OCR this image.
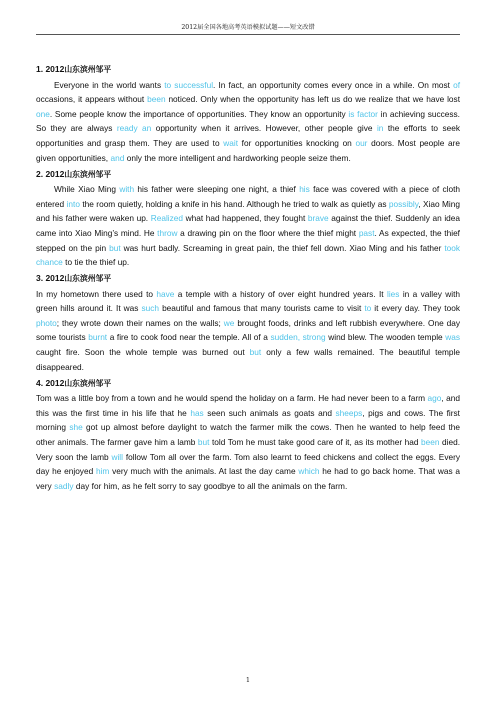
2012届全国各地高考英语模拟试题——短文改错

1. 2012山东滨州邹平

Everyone in the world wants to successful. In fact, an opportunity comes every once in a while. On most of occasions, it appears without been noticed. Only when the opportunity has left us do we realize that we have lost one. Some people know the importance of opportunities. They know an opportunity is factor in achieving success. So they are always ready an opportunity when it arrives. However, other people give in the efforts to seek opportunities and grasp them. They are used to wait for opportunities knocking on our doors. Most people are given opportunities, and only the more intelligent and hardworking people seize them.

2. 2012山东滨州邹平

While Xiao Ming with his father were sleeping one night, a thief his face was covered with a piece of cloth entered into the room quietly, holding a knife in his hand. Although he tried to walk as quietly as possibly, Xiao Ming and his father were waken up. Realized what had happened, they fought brave against the thief. Suddenly an idea came into Xiao Ming’s mind. He throw a drawing pin on the floor where the thief might past. As expected, the thief stepped on the pin but was hurt badly. Screaming in great pain, the thief fell down. Xiao Ming and his father took chance to tie the thief up.

3. 2012山东滨州邹平

In my hometown there used to have a temple with a history of over eight hundred years. It lies in a valley with green hills around it. It was such beautiful and famous that many tourists came to visit to it every day. They took photo; they wrote down their names on the walls; we brought foods, drinks and left rubbish everywhere. One day some tourists burnt a fire to cook food near the temple. All of a sudden, strong wind blew. The wooden temple was caught fire. Soon the whole temple was burned out but only a few walls remained. The beautiful temple disappeared.

4. 2012山东滨州邹平

Tom was a little boy from a town and he would spend the holiday on a farm. He had never been to a farm ago, and this was the first time in his life that he has seen such animals as goats and sheeps, pigs and cows. The first morning she got up almost before daylight to watch the farmer milk the cows. Then he wanted to help feed the other animals. The farmer gave him a lamb but told Tom he must take good care of it, as its mother had been died. Very soon the lamb will follow Tom all over the farm. Tom also learnt to feed chickens and collect the eggs. Every day he enjoyed him very much with the animals. At last the day came which he had to go back home. That was a very sadly day for him, as he felt sorry to say goodbye to all the animals on the farm.

1
